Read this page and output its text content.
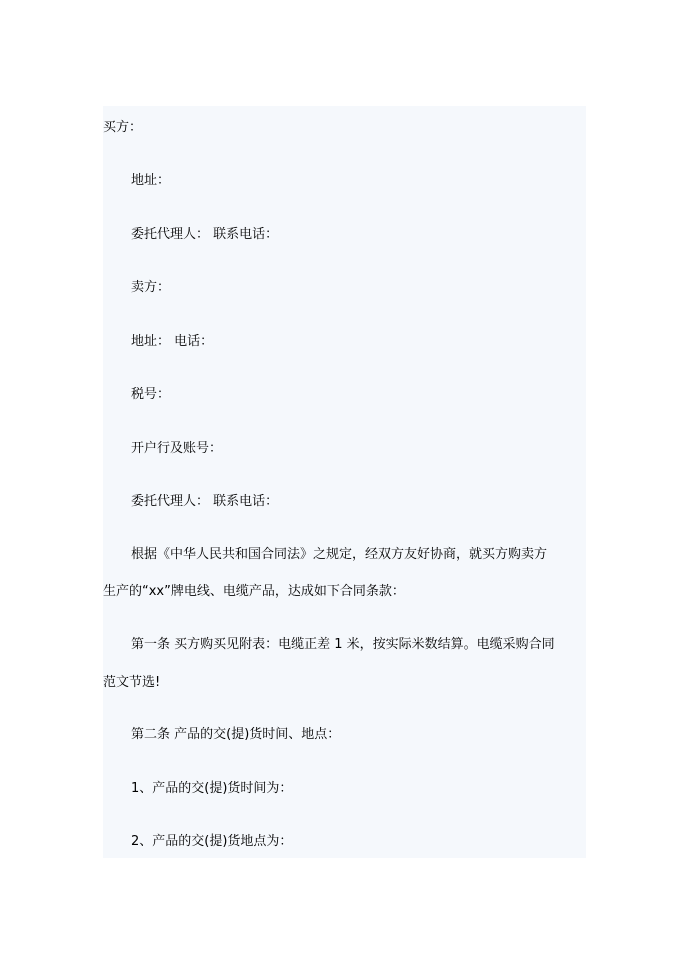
买方：
地址：
委托代理人： 联系电话：
卖方：
地址： 电话：
税号：
开户行及账号：
委托代理人： 联系电话：
根据《中华人民共和国合同法》之规定，经双方友好协商，就买方购卖方
生产的“xx”牌电线、电缆产品，达成如下合同条款：
第一条 买方购买见附表：电缆正差 1 米，按实际米数结算。电缆采购合同
范文节选!
第二条 产品的交(提)货时间、地点：
1、产品的交(提)货时间为：
2、产品的交(提)货地点为：
